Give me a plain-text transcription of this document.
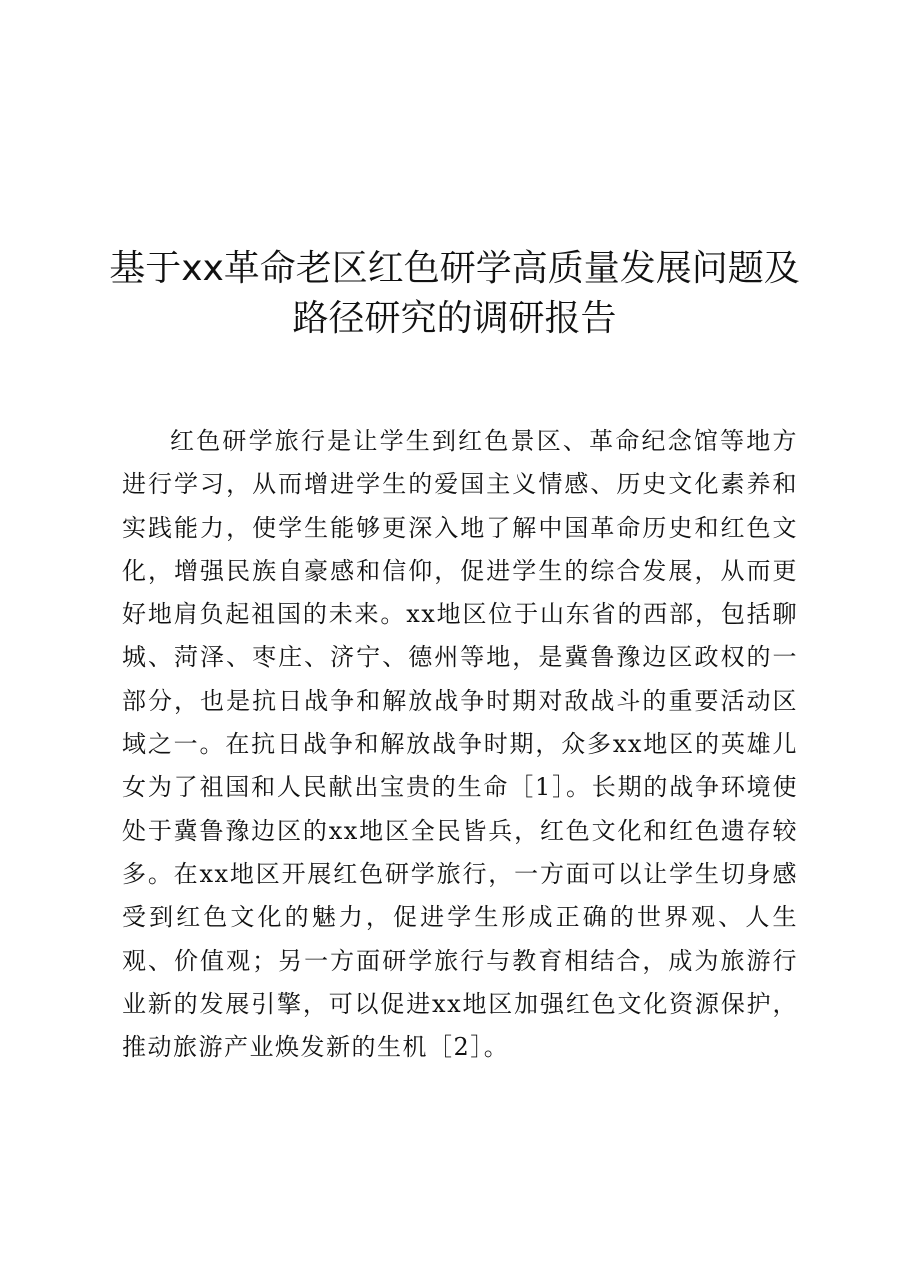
基于xx革命老区红色研学高质量发展问题及
路径研究的调研报告

红色研学旅行是让学生到红色景区、革命纪念馆等地方进行学习，从而增进学生的爱国主义情感、历史文化素养和实践能力，使学生能够更深入地了解中国革命历史和红色文化，增强民族自豪感和信仰，促进学生的综合发展，从而更好地肩负起祖国的未来。xx地区位于山东省的西部，包括聊城、菏泽、枣庄、济宁、德州等地，是冀鲁豫边区政权的一部分，也是抗日战争和解放战争时期对敌战斗的重要活动区域之一。在抗日战争和解放战争时期，众多xx地区的英雄儿女为了祖国和人民献出宝贵的生命［1］。长期的战争环境使处于冀鲁豫边区的xx地区全民皆兵，红色文化和红色遗存较多。在xx地区开展红色研学旅行，一方面可以让学生切身感受到红色文化的魅力，促进学生形成正确的世界观、人生观、价值观；另一方面研学旅行与教育相结合，成为旅游行业新的发展引擎，可以促进xx地区加强红色文化资源保护，推动旅游产业焕发新的生机［2］。
